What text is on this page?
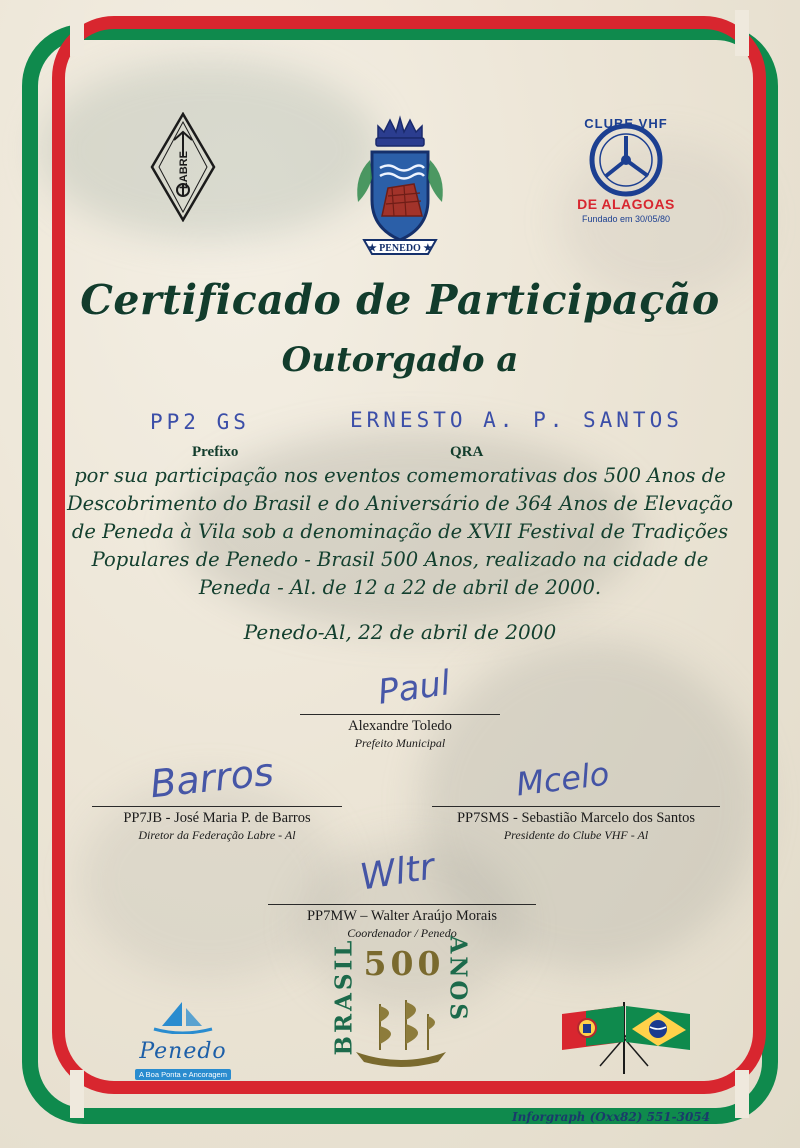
LABRE
★ PENEDO ★
CLUBE VHF
DE ALAGOAS
Fundado em 30/05/80
Certificado de Participação
Outorgado a
PP2 GS	ERNESTO A. P. SANTOS
Prefixo	QRA
por sua participação nos eventos comemorativas dos 500 Anos de Descobrimento do Brasil e do Aniversário de 364 Anos de Elevação de Peneda à Vila sob a denominação de XVII Festival de Tradições Populares de Penedo - Brasil 500 Anos, realizado na cidade de Peneda - Al. de 12 a 22 de abril de 2000.
Penedo-Al, 22 de abril de 2000
Paul
Alexandre Toledo
Prefeito Municipal
Barros
PP7JB - José Maria P. de Barros
Diretor da Federação Labre - Al
Mcelo
PP7SMS - Sebastião Marcelo dos Santos
Presidente do Clube VHF - Al
Wltr
PP7MW – Walter Araújo Morais
Coordenador / Penedo
Penedo
A Boa Ponta e Ancoragem
500
BRASIL	ANOS
Inforgraph (Oxx82) 551-3054
